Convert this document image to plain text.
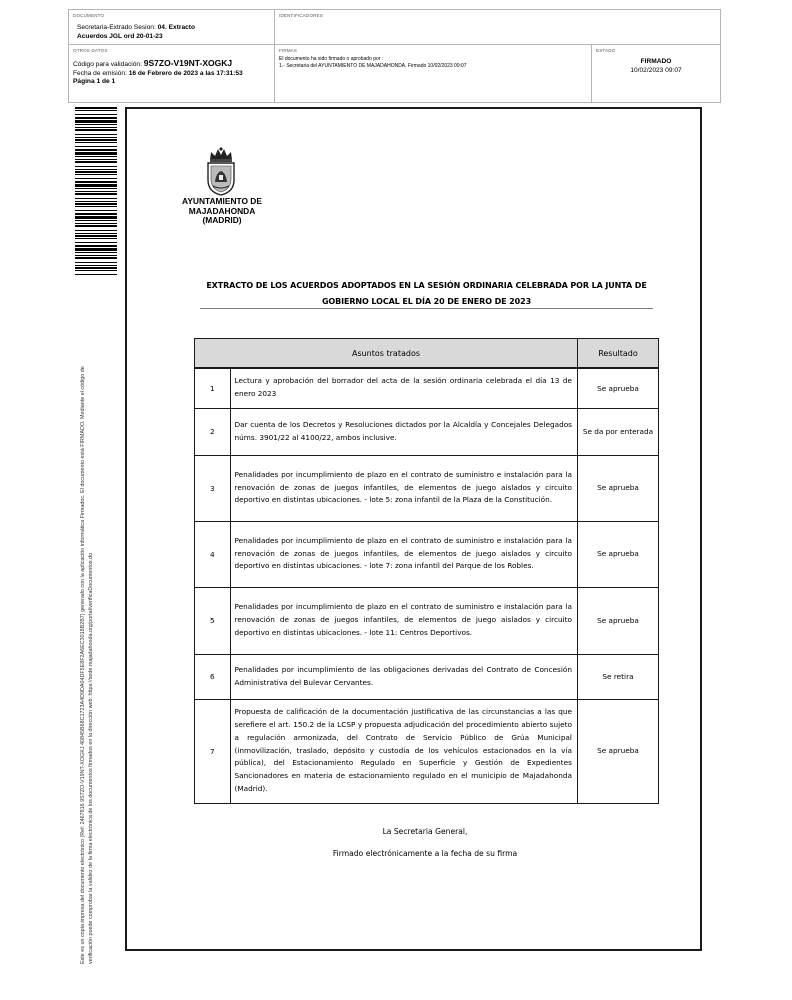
DOCUMENTO
Secretaria-Extrado Sesion: 04. Extracto
Acuerdos JGL ord 20-01-23
IDENTIFICADORES
OTROS DATOS
Código para validación: 9S7ZO-V19NT-XOGKJ
Fecha de emisión: 16 de Febrero de 2023 a las 17:31:53
Página 1 de 1
FIRMAS
El documento ha sido firmado o aprobado por :
1.- Secretaria del AYUNTAMIENTO DE MAJADAHONDA. Firmado 10/02/2023 09:07
ESTADO
FIRMADO
10/02/2023 09:07
Este es un copia impresa del documento electrónico (Ref: 2467816 9S7ZO-V19NT-XOGKJ 40845B68C1723A4D9DA04DF5E8F2A6EC3018B2B7) generado con la aplicación informática Firmadoc. El documento está FIRMADO. Mediante el código de verificación puede comprobar la validez de la firma electrónica de los documentos firmados en la dirección web: https://sede.majadahonda.org/portal/verificaDocumentos.do
AYUNTAMIENTO DE
MAJADAHONDA
(MADRID)
EXTRACTO DE LOS ACUERDOS ADOPTADOS EN LA SESIÓN ORDINARIA CELEBRADA POR LA JUNTA DE
GOBIERNO LOCAL EL DÍA 20 DE ENERO DE 2023
Asuntos tratados		Resultado
1	Lectura y aprobación del borrador del acta de la sesión ordinaria celebrada el día 13 de enero 2023	Se aprueba
2	Dar cuenta de los Decretos y Resoluciones dictados por la Alcaldía y Concejales Delegados núms. 3901/22 al 4100/22, ambos inclusive.	Se da por enterada
3	Penalidades por incumplimiento de plazo en el contrato de suministro e instalación para la renovación de zonas de juegos infantiles, de elementos de juego aislados y circuito deportivo en distintas ubicaciones. - lote 5: zona infantil de la Plaza de la Constitución.	Se aprueba
4	Penalidades por incumplimiento de plazo en el contrato de suministro e instalación para la renovación de zonas de juegos infantiles, de elementos de juego aislados y circuito deportivo en distintas ubicaciones. - lote 7: zona infantil del Parque de los Robles.	Se aprueba
5	Penalidades por incumplimiento de plazo en el contrato de suministro e instalación para la renovación de zonas de juegos infantiles, de elementos de juego aislados y circuito deportivo en distintas ubicaciones. - lote 11: Centros Deportivos.	Se aprueba
6	Penalidades por incumplimiento de las obligaciones derivadas del Contrato de Concesión Administrativa del Bulevar Cervantes.	Se retira
7	Propuesta de calificación de la documentación justificativa de las circunstancias a las que serefiere el art. 150.2 de la LCSP y propuesta adjudicación del procedimiento abierto sujeto a regulación armonizada, del Contrato de Servicio Público de Grúa Municipal (inmovilización, traslado, depósito y custodia de los vehículos estacionados en la vía pública), del Estacionamiento Regulado en Superficie y Gestión de Expedientes Sancionadores en materia de estacionamiento regulado en el municipio de Majadahonda (Madrid).	Se aprueba
La Secretaria General,
Firmado electrónicamente a la fecha de su firma
